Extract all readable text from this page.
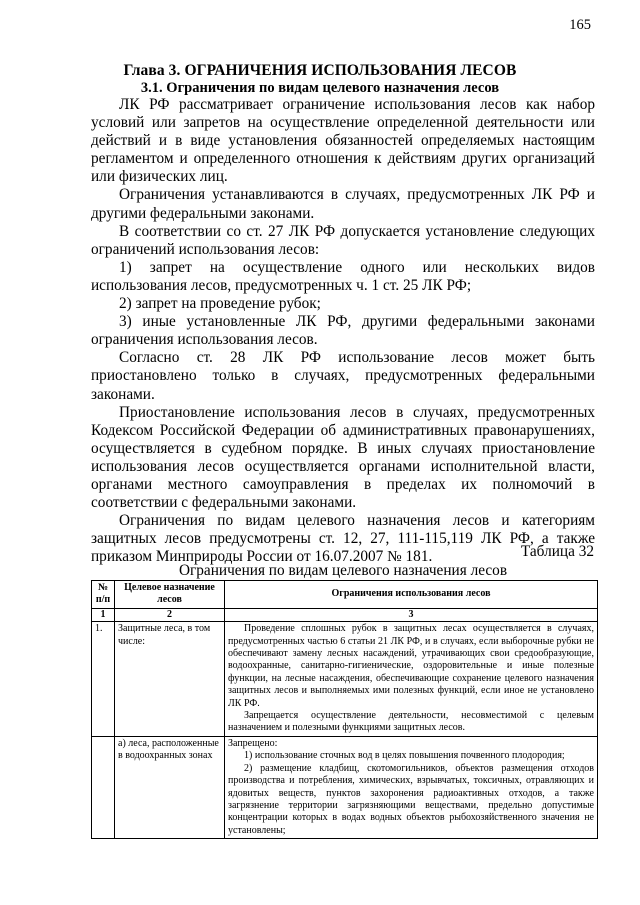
165
Глава 3. ОГРАНИЧЕНИЯ ИСПОЛЬЗОВАНИЯ ЛЕСОВ
3.1. Ограничения по видам целевого назначения лесов

ЛК РФ рассматривает ограничение использования лесов как набор условий или запретов на осуществление определенной деятельности или действий и в виде установления обязанностей определяемых настоящим регламентом и определенного отношения к действиям других организаций или физических лиц.

Ограничения устанавливаются в случаях, предусмотренных ЛК РФ и другими федеральными законами.

В соответствии со ст. 27 ЛК РФ допускается установление следующих ограничений использования лесов:

1) запрет на осуществление одного или нескольких видов использования лесов, предусмотренных ч. 1 ст. 25 ЛК РФ;

2) запрет на проведение рубок;

3) иные установленные ЛК РФ, другими федеральными законами ограничения использования лесов.

Согласно ст. 28 ЛК РФ использование лесов может быть приостановлено только в случаях, предусмотренных федеральными законами.

Приостановление использования лесов в случаях, предусмотренных Кодексом Российской Федерации об административных правонарушениях, осуществляется в судебном порядке. В иных случаях приостановление использования лесов осуществляется органами исполнительной власти, органами местного самоуправления в пределах их полномочий в соответствии с федеральными законами.

Ограничения по видам целевого назначения лесов и категориям защитных лесов предусмотрены ст. 12, 27, 111-115,119 ЛК РФ, а также приказом Минприроды России от 16.07.2007 № 181.	Таблица 32
Ограничения по видам целевого назначения лесов
№ п/п	Целевое назначение лесов	Ограничения использования лесов
1	2	3
1.	Защитные леса, в том числе:	Проведение сплошных рубок в защитных лесах осуществляется в случаях, предусмотренных частью 6 статьи 21 ЛК РФ, и в случаях, если выборочные рубки не обеспечивают замену лесных насаждений, утрачивающих свои средообразующие, водоохранные, санитарно-гигиенические, оздоровительные и иные полезные функции, на лесные насаждения, обеспечивающие сохранение целевого назначения защитных лесов и выполняемых ими полезных функций, если иное не установлено ЛК РФ.

Запрещается осуществление деятельности, несовместимой с целевым назначением и полезными функциями защитных лесов.

	а) леса, расположенные в водоохранных зонах	Запрещено:

1) использование сточных вод в целях повышения почвенного плодородия;

2) размещение кладбищ, скотомогильников, объектов размещения отходов производства и потребления, химических, взрывчатых, токсичных, отравляющих и ядовитых веществ, пунктов захоронения радиоактивных отходов, а также загрязнение территории загрязняющими веществами, предельно допустимые концентрации которых в водах водных объектов рыбохозяйственного значения не установлены;
